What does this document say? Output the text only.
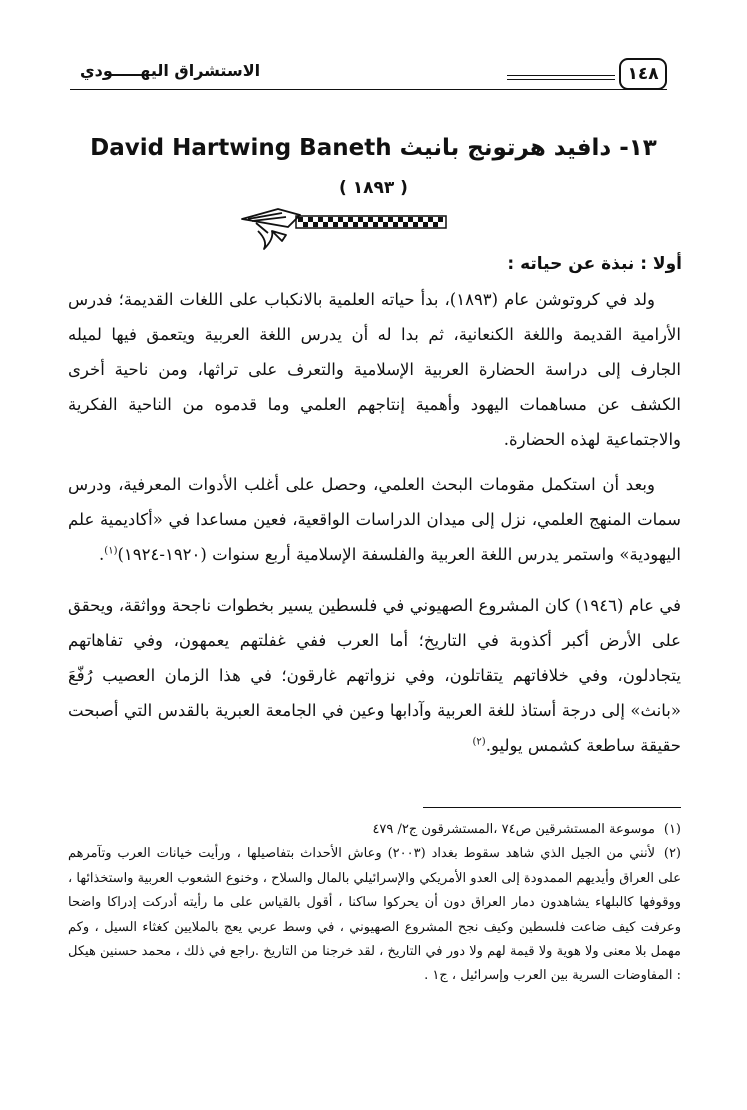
١٤٨
الاستشراق اليهـــــودي
١٣- دافيد هرتونج بانيث David Hartwing Baneth
( ١٨٩٣ )
أولا : نبذة عن حياته :

ولد في كروتوشن عام (١٨٩٣)، بدأ حياته العلمية بالانكباب على اللغات القديمة؛ فدرس الأرامية القديمة واللغة الكنعانية، ثم بدا له أن يدرس اللغة العربية ويتعمق فيها لميله الجارف إلى دراسة الحضارة العربية الإسلامية والتعرف على تراثها، ومن ناحية أخرى الكشف عن مساهمات اليهود وأهمية إنتاجهم العلمي وما قدموه من الناحية الفكرية والاجتماعية لهذه الحضارة.

وبعد أن استكمل مقومات البحث العلمي، وحصل على أغلب الأدوات المعرفية، ودرس سمات المنهج العلمي، نزل إلى ميدان الدراسات الواقعية، فعين مساعدا في «أكاديمية علم اليهودية» واستمر يدرس اللغة العربية والفلسفة الإسلامية أربع سنوات (١٩٢٠-١٩٢٤)$^{(١)}$.

في عام (١٩٤٦) كان المشروع الصهيوني في فلسطين يسير بخطوات ناجحة وواثقة، ويحقق على الأرض أكبر أكذوبة في التاريخ؛ أما العرب ففي غفلتهم يعمهون، وفي تفاهاتهم يتجادلون، وفي خلافاتهم يتقاتلون، وفي نزواتهم غارقون؛ في هذا الزمان العصيب رُفّعَ «بانث» إلى درجة أستاذ للغة العربية وآدابها وعين في الجامعة العبرية بالقدس التي أصبحت حقيقة ساطعة كشمس يوليو.$^{(٢)}$

(١)موسوعة المستشرقين ص٧٤ ،المستشرقون ج٢/ ٤٧٩

(٢)لأنني من الجيل الذي شاهد سقوط بغداد (٢٠٠٣) وعاش الأحداث بتفاصيلها ، ورأيت خيانات العرب وتآمرهم على العراق وأيديهم الممدودة إلى العدو الأمريكي والإسرائيلي بالمال والسلاح ، وخنوع الشعوب العربية واستخذائها ، ووقوفها كالبلهاء يشاهدون دمار العراق دون أن يحركوا ساكنا ، أقول بالقياس على ما رأيته أدركت إدراكا واضحا وعرفت كيف ضاعت فلسطين وكيف نجح المشروع الصهيوني ، في وسط عربي يعج بالملايين كغثاء السيل ، وكم مهمل بلا معنى ولا هوية ولا قيمة لهم ولا دور في التاريخ ، لقد خرجنا من التاريخ .راجع في ذلك ، محمد حسنين هيكل : المفاوضات السرية بين العرب وإسرائيل ، ج١ .
